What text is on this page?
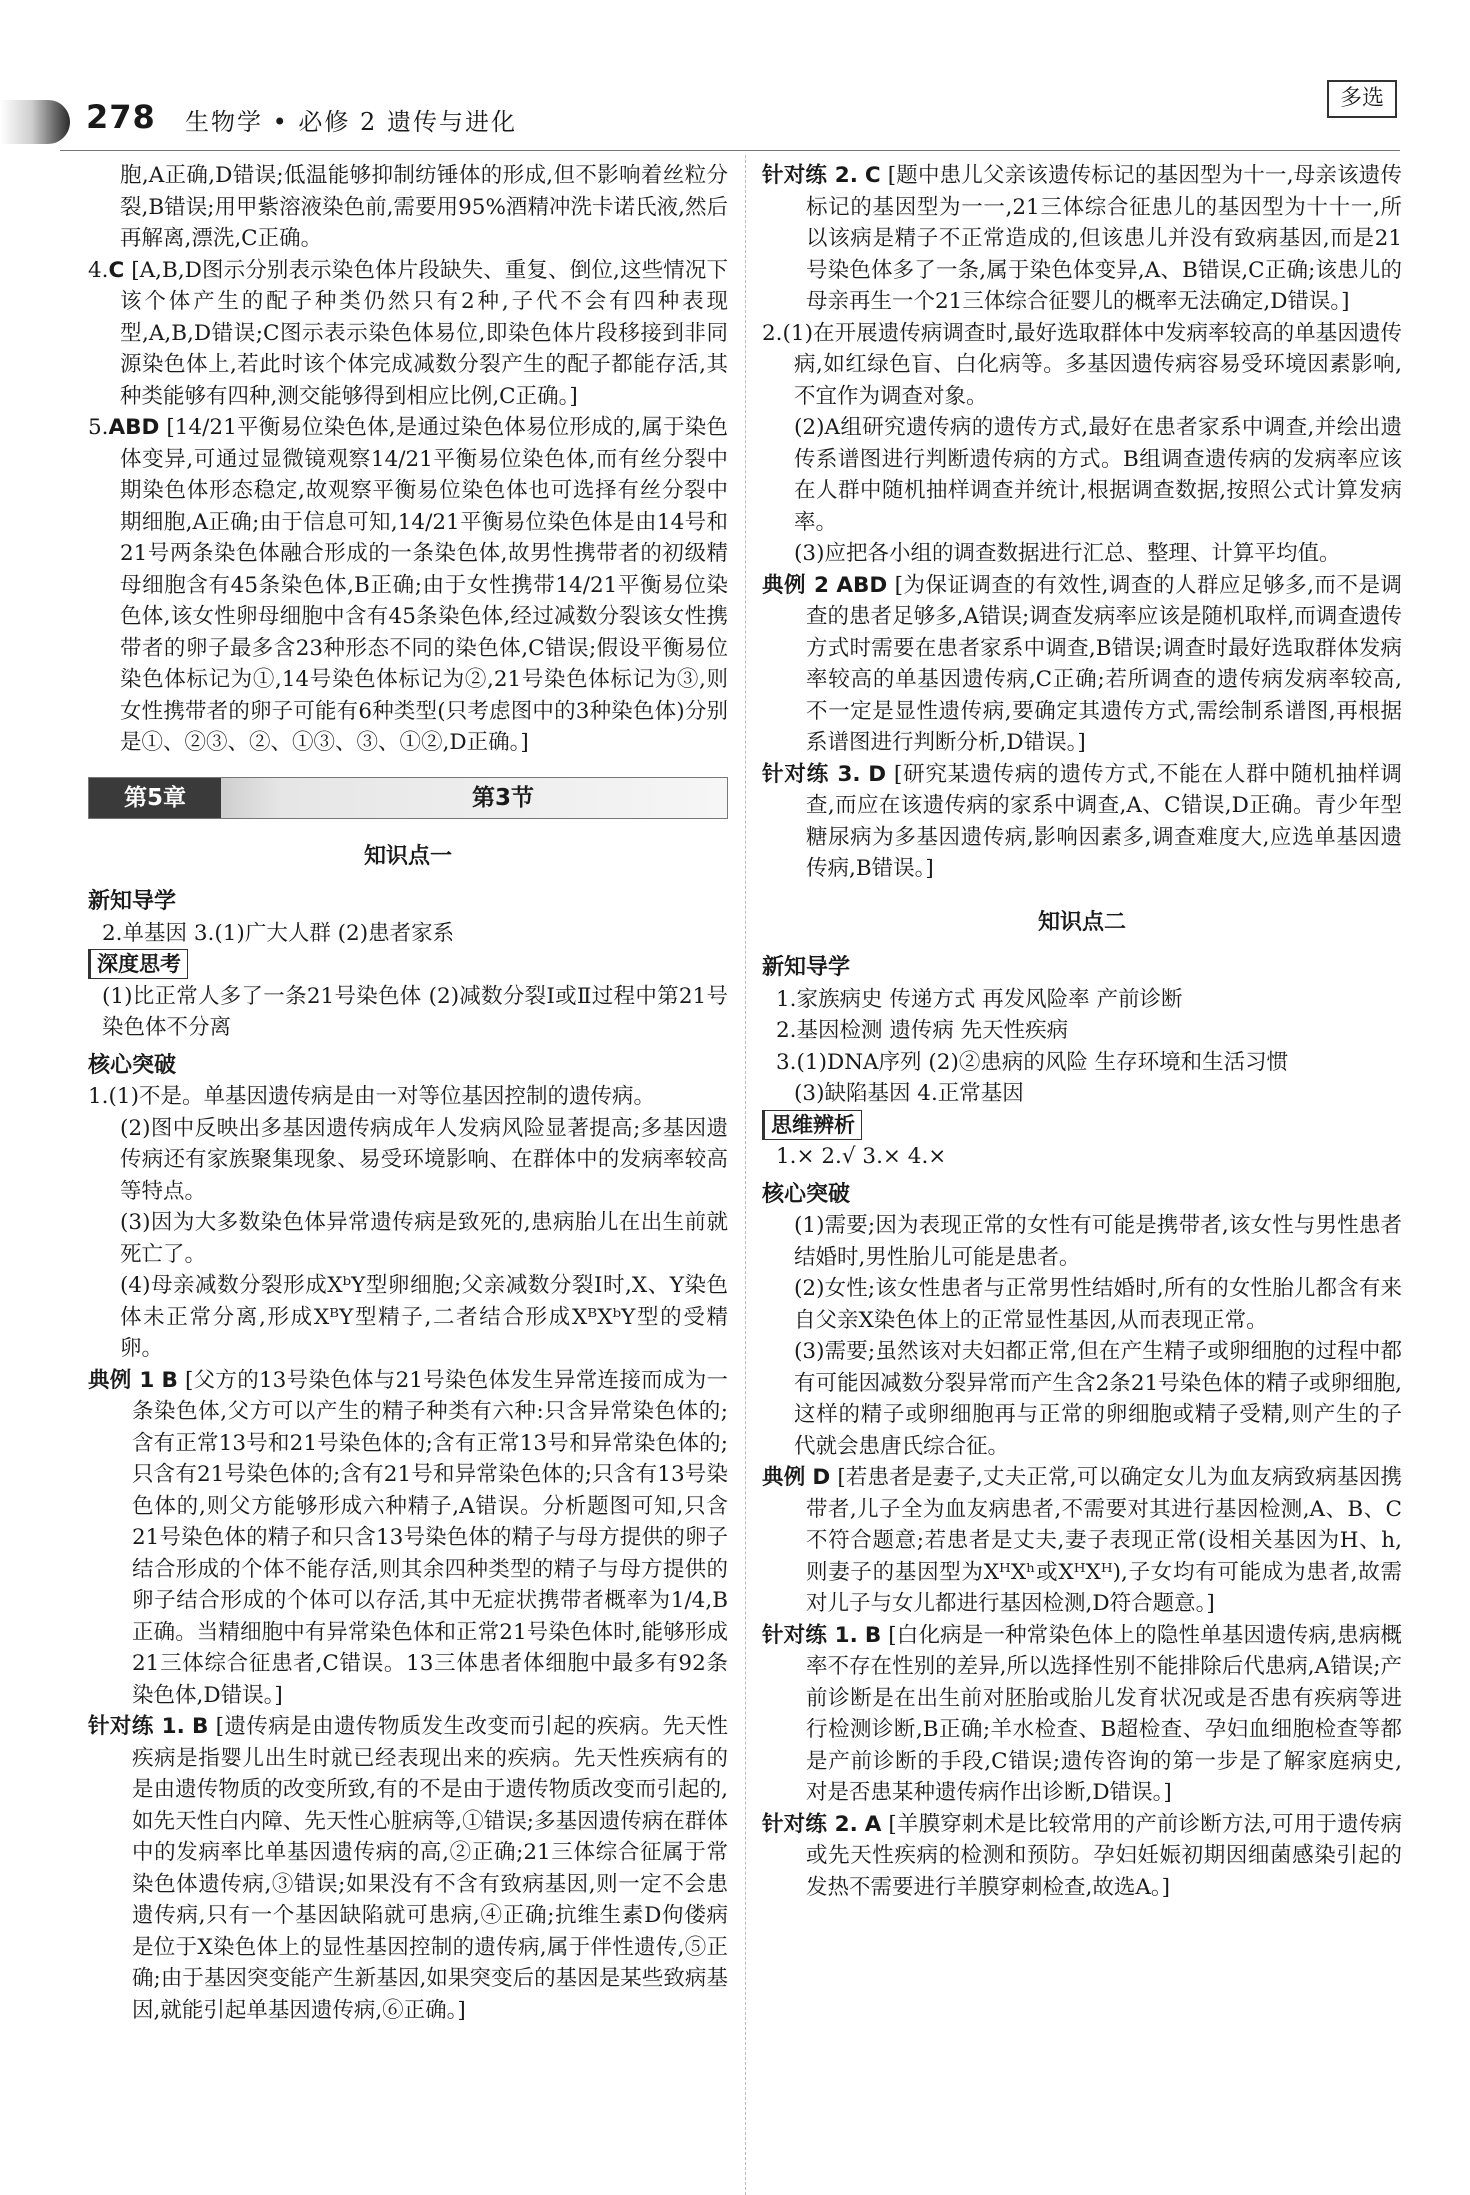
278 生物学 • 必修 2 遗传与进化
多选

胞,A正确,D错误;低温能够抑制纺锤体的形成,但不影响着丝粒分裂,B错误;用甲紫溶液染色前,需要用95%酒精冲洗卡诺氏液,然后再解离,漂洗,C正确。

4.C [A,B,D图示分别表示染色体片段缺失、重复、倒位,这些情况下该个体产生的配子种类仍然只有2种,子代不会有四种表现型,A,B,D错误;C图示表示染色体易位,即染色体片段移接到非同源染色体上,若此时该个体完成减数分裂产生的配子都能存活,其种类能够有四种,测交能够得到相应比例,C正确。]

5.ABD [14/21平衡易位染色体,是通过染色体易位形成的,属于染色体变异,可通过显微镜观察14/21平衡易位染色体,而有丝分裂中期染色体形态稳定,故观察平衡易位染色体也可选择有丝分裂中期细胞,A正确;由于信息可知,14/21平衡易位染色体是由14号和21号两条染色体融合形成的一条染色体,故男性携带者的初级精母细胞含有45条染色体,B正确;由于女性携带14/21平衡易位染色体,该女性卵母细胞中含有45条染色体,经过减数分裂该女性携带者的卵子最多含23种形态不同的染色体,C错误;假设平衡易位染色体标记为①,14号染色体标记为②,21号染色体标记为③,则女性携带者的卵子可能有6种类型(只考虑图中的3种染色体)分别是①、②③、②、①③、③、①②,D正确。]

第5章	第3节
知识点一
新知导学

2.单基因 3.(1)广大人群 (2)患者家系

深度思考

(1)比正常人多了一条21号染色体 (2)减数分裂Ⅰ或Ⅱ过程中第21号染色体不分离

核心突破

1.(1)不是。单基因遗传病是由一对等位基因控制的遗传病。

(2)图中反映出多基因遗传病成年人发病风险显著提高;多基因遗传病还有家族聚集现象、易受环境影响、在群体中的发病率较高等特点。

(3)因为大多数染色体异常遗传病是致死的,患病胎儿在出生前就死亡了。

(4)母亲减数分裂形成XᵇY型卵细胞;父亲减数分裂Ⅰ时,X、Y染色体未正常分离,形成XᴮY型精子,二者结合形成XᴮXᵇY型的受精卵。

典例 1 B [父方的13号染色体与21号染色体发生异常连接而成为一条染色体,父方可以产生的精子种类有六种:只含异常染色体的;含有正常13号和21号染色体的;含有正常13号和异常染色体的;只含有21号染色体的;含有21号和异常染色体的;只含有13号染色体的,则父方能够形成六种精子,A错误。分析题图可知,只含21号染色体的精子和只含13号染色体的精子与母方提供的卵子结合形成的个体不能存活,则其余四种类型的精子与母方提供的卵子结合形成的个体可以存活,其中无症状携带者概率为1/4,B正确。当精细胞中有异常染色体和正常21号染色体时,能够形成21三体综合征患者,C错误。13三体患者体细胞中最多有92条染色体,D错误。]

针对练 1. B [遗传病是由遗传物质发生改变而引起的疾病。先天性疾病是指婴儿出生时就已经表现出来的疾病。先天性疾病有的是由遗传物质的改变所致,有的不是由于遗传物质改变而引起的,如先天性白内障、先天性心脏病等,①错误;多基因遗传病在群体中的发病率比单基因遗传病的高,②正确;21三体综合征属于常染色体遗传病,③错误;如果没有不含有致病基因,则一定不会患遗传病,只有一个基因缺陷就可患病,④正确;抗维生素D佝偻病是位于X染色体上的显性基因控制的遗传病,属于伴性遗传,⑤正确;由于基因突变能产生新基因,如果突变后的基因是某些致病基因,就能引起单基因遗传病,⑥正确。]

针对练 2. C [题中患儿父亲该遗传标记的基因型为十一,母亲该遗传标记的基因型为一一,21三体综合征患儿的基因型为十十一,所以该病是精子不正常造成的,但该患儿并没有致病基因,而是21号染色体多了一条,属于染色体变异,A、B错误,C正确;该患儿的母亲再生一个21三体综合征婴儿的概率无法确定,D错误。]

2.(1)在开展遗传病调查时,最好选取群体中发病率较高的单基因遗传病,如红绿色盲、白化病等。多基因遗传病容易受环境因素影响,不宜作为调查对象。

(2)A组研究遗传病的遗传方式,最好在患者家系中调查,并绘出遗传系谱图进行判断遗传病的方式。B组调查遗传病的发病率应该在人群中随机抽样调查并统计,根据调查数据,按照公式计算发病率。

(3)应把各小组的调查数据进行汇总、整理、计算平均值。

典例 2 ABD [为保证调查的有效性,调查的人群应足够多,而不是调查的患者足够多,A错误;调查发病率应该是随机取样,而调查遗传方式时需要在患者家系中调查,B错误;调查时最好选取群体发病率较高的单基因遗传病,C正确;若所调查的遗传病发病率较高,不一定是显性遗传病,要确定其遗传方式,需绘制系谱图,再根据系谱图进行判断分析,D错误。]

针对练 3. D [研究某遗传病的遗传方式,不能在人群中随机抽样调查,而应在该遗传病的家系中调查,A、C错误,D正确。青少年型糖尿病为多基因遗传病,影响因素多,调查难度大,应选单基因遗传病,B错误。]

知识点二
新知导学

1.家族病史 传递方式 再发风险率 产前诊断

2.基因检测 遗传病 先天性疾病

3.(1)DNA序列 (2)②患病的风险 生存环境和生活习惯

(3)缺陷基因 4.正常基因

思维辨析

1.× 2.√ 3.× 4.×

核心突破

(1)需要;因为表现正常的女性有可能是携带者,该女性与男性患者结婚时,男性胎儿可能是患者。

(2)女性;该女性患者与正常男性结婚时,所有的女性胎儿都含有来自父亲X染色体上的正常显性基因,从而表现正常。

(3)需要;虽然该对夫妇都正常,但在产生精子或卵细胞的过程中都有可能因减数分裂异常而产生含2条21号染色体的精子或卵细胞,这样的精子或卵细胞再与正常的卵细胞或精子受精,则产生的子代就会患唐氏综合征。

典例 D [若患者是妻子,丈夫正常,可以确定女儿为血友病致病基因携带者,儿子全为血友病患者,不需要对其进行基因检测,A、B、C不符合题意;若患者是丈夫,妻子表现正常(设相关基因为H、h,则妻子的基因型为XᴴXʰ或XᴴXᴴ),子女均有可能成为患者,故需对儿子与女儿都进行基因检测,D符合题意。]

针对练 1. B [白化病是一种常染色体上的隐性单基因遗传病,患病概率不存在性别的差异,所以选择性别不能排除后代患病,A错误;产前诊断是在出生前对胚胎或胎儿发育状况或是否患有疾病等进行检测诊断,B正确;羊水检查、B超检查、孕妇血细胞检查等都是产前诊断的手段,C错误;遗传咨询的第一步是了解家庭病史,对是否患某种遗传病作出诊断,D错误。]

针对练 2. A [羊膜穿刺术是比较常用的产前诊断方法,可用于遗传病或先天性疾病的检测和预防。孕妇妊娠初期因细菌感染引起的发热不需要进行羊膜穿刺检查,故选A。]
